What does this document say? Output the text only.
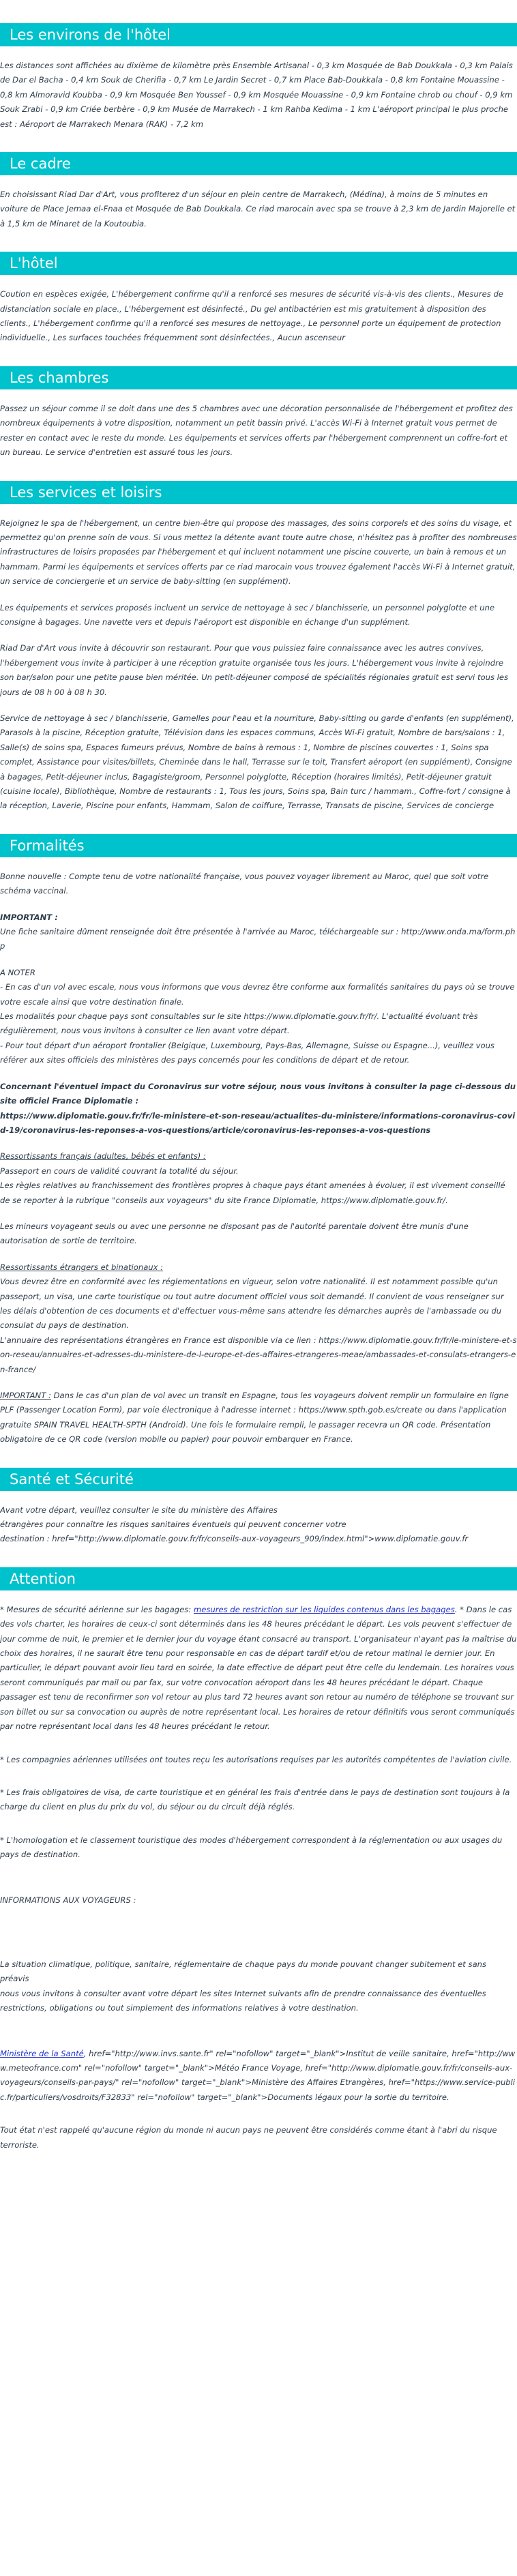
Les environs de l'hôtel

Les distances sont affichées au dixième de kilomètre près Ensemble Artisanal - 0,3 km Mosquée de Bab Doukkala - 0,3 km Palais de Dar el Bacha - 0,4 km Souk de Cherifia - 0,7 km Le Jardin Secret - 0,7 km Place Bab-Doukkala - 0,8 km Fontaine Mouassine - 0,8 km Almoravid Koubba - 0,9 km Mosquée Ben Youssef - 0,9 km Mosquée Mouassine - 0,9 km Fontaine chrob ou chouf - 0,9 km Souk Zrabi - 0,9 km Criée berbère - 0,9 km Musée de Marrakech - 1 km Rahba Kedima - 1 km L'aéroport principal le plus proche est : Aéroport de Marrakech Menara (RAK) - 7,2 km

Le cadre

En choisissant Riad Dar d'Art, vous profiterez d'un séjour en plein centre de Marrakech, (Médina), à moins de 5 minutes en voiture de Place Jemaa el-Fnaa et Mosquée de Bab Doukkala. Ce riad marocain avec spa se trouve à 2,3 km de Jardin Majorelle et à 1,5 km de Minaret de la Koutoubia.

L'hôtel

Coution en espèces exigée, L'hébergement confirme qu'il a renforcé ses mesures de sécurité vis-à-vis des clients., Mesures de distanciation sociale en place., L'hébergement est désinfecté., Du gel antibactérien est mis gratuitement à disposition des clients., L'hébergement confirme qu'il a renforcé ses mesures de nettoyage., Le personnel porte un équipement de protection individuelle., Les surfaces touchées fréquemment sont désinfectées., Aucun ascenseur

Les chambres

Passez un séjour comme il se doit dans une des 5 chambres avec une décoration personnalisée de l'hébergement et profitez des nombreux équipements à votre disposition, notamment un petit bassin privé. L'accès Wi-Fi à Internet gratuit vous permet de rester en contact avec le reste du monde. Les équipements et services offerts par l'hébergement comprennent un coffre-fort et un bureau. Le service d'entretien est assuré tous les jours.

Les services et loisirs

Rejoignez le spa de l'hébergement, un centre bien-être qui propose des massages, des soins corporels et des soins du visage, et permettez qu'on prenne soin de vous. Si vous mettez la détente avant toute autre chose, n'hésitez pas à profiter des nombreuses infrastructures de loisirs proposées par l'hébergement et qui incluent notamment une piscine couverte, un bain à remous et un hammam. Parmi les équipements et services offerts par ce riad marocain vous trouvez également l'accès Wi-Fi à Internet gratuit, un service de conciergerie et un service de baby-sitting (en supplément).

Les équipements et services proposés incluent un service de nettoyage à sec / blanchisserie, un personnel polyglotte et une consigne à bagages. Une navette vers et depuis l'aéroport est disponible en échange d'un supplément.

Riad Dar d'Art vous invite à découvrir son restaurant. Pour que vous puissiez faire connaissance avec les autres convives, l'hébergement vous invite à participer à une réception gratuite organisée tous les jours. L'hébergement vous invite à rejoindre son bar/salon pour une petite pause bien méritée. Un petit-déjeuner composé de spécialités régionales gratuit est servi tous les jours de 08 h 00 à 08 h 30.

Service de nettoyage à sec / blanchisserie, Gamelles pour l'eau et la nourriture, Baby-sitting ou garde d'enfants (en supplément), Parasols à la piscine, Réception gratuite, Télévision dans les espaces communs, Accès Wi-Fi gratuit, Nombre de bars/salons : 1, Salle(s) de soins spa, Espaces fumeurs prévus, Nombre de bains à remous : 1, Nombre de piscines couvertes : 1, Soins spa complet, Assistance pour visites/billets, Cheminée dans le hall, Terrasse sur le toit, Transfert aéroport (en supplément), Consigne à bagages, Petit-déjeuner inclus, Bagagiste/groom, Personnel polyglotte, Réception (horaires limités), Petit-déjeuner gratuit (cuisine locale), Bibliothèque, Nombre de restaurants : 1, Tous les jours, Soins spa, Bain turc / hammam., Coffre-fort / consigne à la réception, Laverie, Piscine pour enfants, Hammam, Salon de coiffure, Terrasse, Transats de piscine, Services de concierge

Formalités

Bonne nouvelle : Compte tenu de votre nationalité française, vous pouvez voyager librement au Maroc, quel que soit votre schéma vaccinal.

IMPORTANT :

Une fiche sanitaire dûment renseignée doit être présentée à l'arrivée au Maroc, téléchargeable sur : http://www.onda.ma/form.php

A NOTER

- En cas d'un vol avec escale, nous vous informons que vous devrez être conforme aux formalités sanitaires du pays où se trouve votre escale ainsi que votre destination finale.

Les modalités pour chaque pays sont consultables sur le site https://www.diplomatie.gouv.fr/fr/. L'actualité évoluant très régulièrement, nous vous invitons à consulter ce lien avant votre départ.

- Pour tout départ d'un aéroport frontalier (Belgique, Luxembourg, Pays-Bas, Allemagne, Suisse ou Espagne...), veuillez vous référer aux sites officiels des ministères des pays concernés pour les conditions de départ et de retour.

Concernant l'éventuel impact du Coronavirus sur votre séjour, nous vous invitons à consulter la page ci-dessous du site officiel France Diplomatie :

https://www.diplomatie.gouv.fr/fr/le-ministere-et-son-reseau/actualites-du-ministere/informations-coronavirus-covid-19/coronavirus-les-reponses-a-vos-questions/article/coronavirus-les-reponses-a-vos-questions

Ressortissants français (adultes, bébés et enfants) :

Passeport en cours de validité couvrant la totalité du séjour.

Les règles relatives au franchissement des frontières propres à chaque pays étant amenées à évoluer, il est vivement conseillé de se reporter à la rubrique "conseils aux voyageurs" du site France Diplomatie, https://www.diplomatie.gouv.fr/.

Les mineurs voyageant seuls ou avec une personne ne disposant pas de l'autorité parentale doivent être munis d'une autorisation de sortie de territoire.

Ressortissants étrangers et binationaux :

Vous devrez être en conformité avec les réglementations en vigueur, selon votre nationalité. Il est notamment possible qu'un passeport, un visa, une carte touristique ou tout autre document officiel vous soit demandé. Il convient de vous renseigner sur les délais d'obtention de ces documents et d'effectuer vous-même sans attendre les démarches auprès de l'ambassade ou du consulat du pays de destination.

L'annuaire des représentations étrangères en France est disponible via ce lien : https://www.diplomatie.gouv.fr/fr/le-ministere-et-son-reseau/annuaires-et-adresses-du-ministere-de-l-europe-et-des-affaires-etrangeres-meae/ambassades-et-consulats-etrangers-en-france/

IMPORTANT : Dans le cas d'un plan de vol avec un transit en Espagne, tous les voyageurs doivent remplir un formulaire en ligne PLF (Passenger Location Form), par voie électronique à l'adresse internet : https://www.spth.gob.es/create ou dans l'application gratuite SPAIN TRAVEL HEALTH-SPTH (Android). Une fois le formulaire rempli, le passager recevra un QR code. Présentation obligatoire de ce QR code (version mobile ou papier) pour pouvoir embarquer en France.

Santé et Sécurité

Avant votre départ, veuillez consulter le site du ministère des Affaires

étrangères pour connaître les risques sanitaires éventuels qui peuvent concerner votre

destination : href="http://www.diplomatie.gouv.fr/fr/conseils-aux-voyageurs_909/index.html">www.diplomatie.gouv.fr

Attention

* Mesures de sécurité aérienne sur les bagages: mesures de restriction sur les liquides contenus dans les bagages. * Dans le cas des vols charter, les horaires de ceux-ci sont déterminés dans les 48 heures précédant le départ. Les vols peuvent s'effectuer de jour comme de nuit, le premier et le dernier jour du voyage étant consacré au transport. L'organisateur n'ayant pas la maîtrise du choix des horaires, il ne saurait être tenu pour responsable en cas de départ tardif et/ou de retour matinal le dernier jour. En particulier, le départ pouvant avoir lieu tard en soirée, la date effective de départ peut être celle du lendemain. Les horaires vous seront communiqués par mail ou par fax, sur votre convocation aéroport dans les 48 heures précédant le départ. Chaque passager est tenu de reconfirmer son vol retour au plus tard 72 heures avant son retour au numéro de téléphone se trouvant sur son billet ou sur sa convocation ou auprès de notre représentant local. Les horaires de retour définitifs vous seront communiqués par notre représentant local dans les 48 heures précédant le retour.

* Les compagnies aériennes utilisées ont toutes reçu les autorisations requises par les autorités compétentes de l'aviation civile.

* Les frais obligatoires de visa, de carte touristique et en général les frais d'entrée dans le pays de destination sont toujours à la charge du client en plus du prix du vol, du séjour ou du circuit déjà réglés.

* L'homologation et le classement touristique des modes d'hébergement correspondent à la réglementation ou aux usages du pays de destination.

INFORMATIONS AUX VOYAGEURS :

La situation climatique, politique, sanitaire, réglementaire de chaque pays du monde pouvant changer subitement et sans préavis

nous vous invitons à consulter avant votre départ les sites Internet suivants afin de prendre connaissance des éventuelles restrictions, obligations ou tout simplement des informations relatives à votre destination.

Ministère de la Santé, href="http://www.invs.sante.fr" rel="nofollow" target="_blank">Institut de veille sanitaire, href="http://www.meteofrance.com" rel="nofollow" target="_blank">Météo France Voyage, href="http://www.diplomatie.gouv.fr/fr/conseils-aux-voyageurs/conseils-par-pays/" rel="nofollow" target="_blank">Ministère des Affaires Etrangères, href="https://www.service-public.fr/particuliers/vosdroits/F32833" rel="nofollow" target="_blank">Documents légaux pour la sortie du territoire.

Tout état n'est rappelé qu'aucune région du monde ni aucun pays ne peuvent être considérés comme étant à l'abri du risque terroriste.
